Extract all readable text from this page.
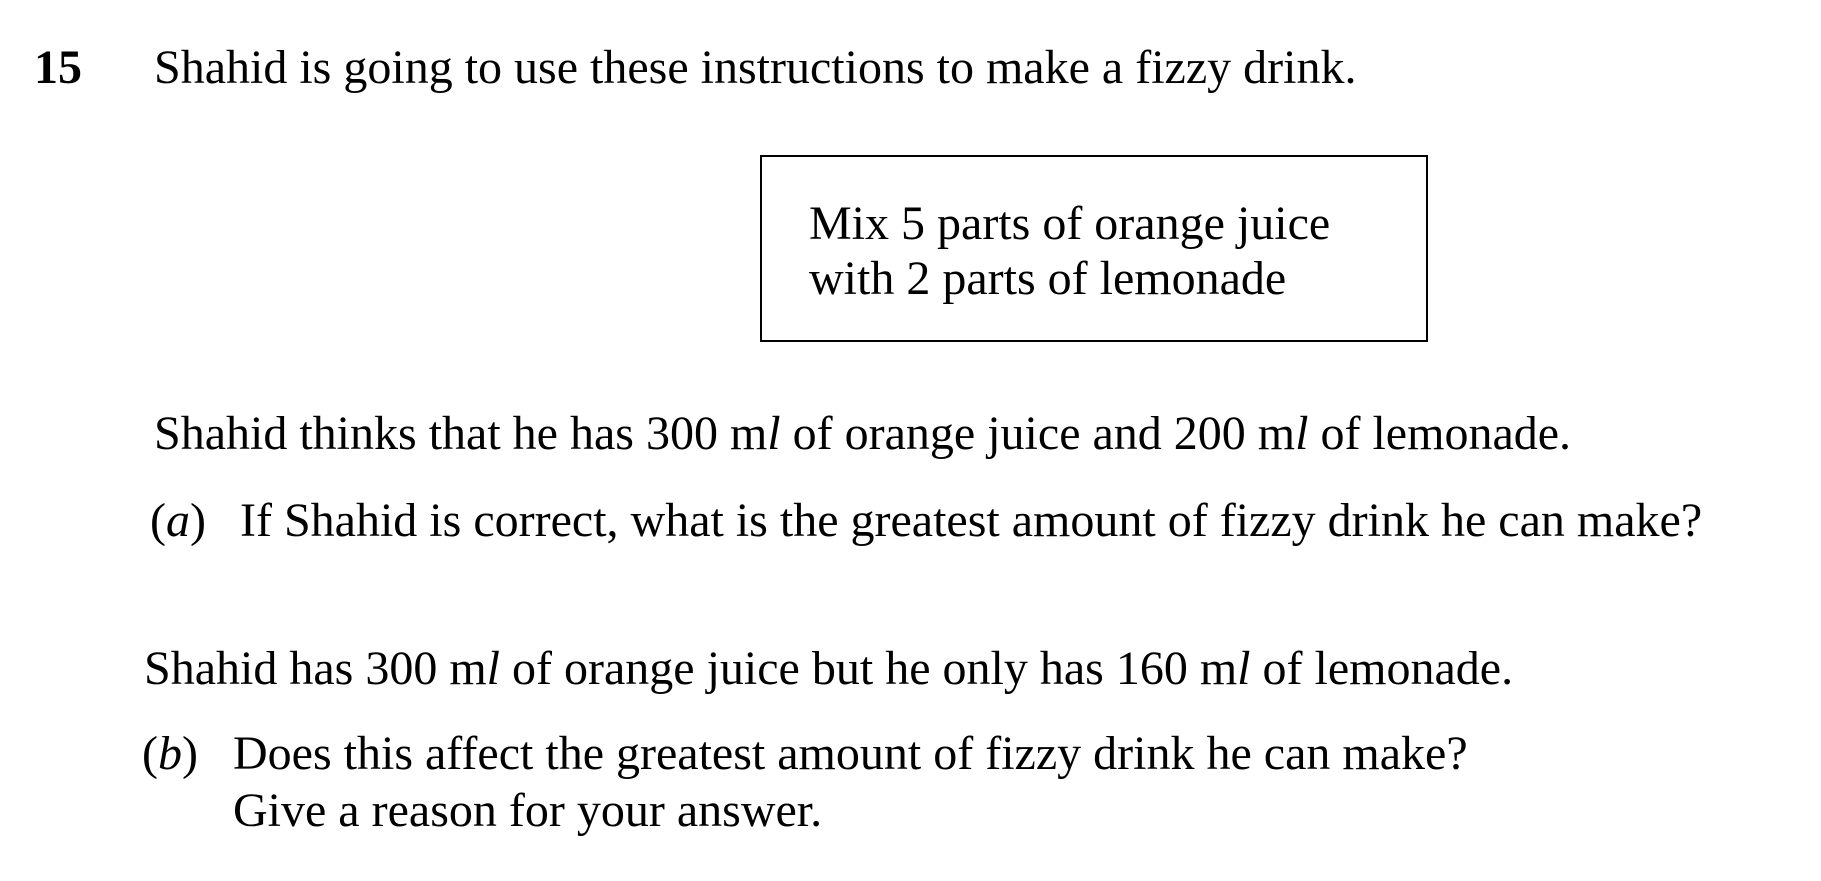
15 Shahid is going to use these instructions to make a fizzy drink.
Mix 5 parts of orange juice
with 2 parts of lemonade
Shahid thinks that he has 300 ml of orange juice and 200 ml of lemonade.
(a) If Shahid is correct, what is the greatest amount of fizzy drink he can make?
Shahid has 300 ml of orange juice but he only has 160 ml of lemonade.
(b) Does this affect the greatest amount of fizzy drink he can make?
Give a reason for your answer.
